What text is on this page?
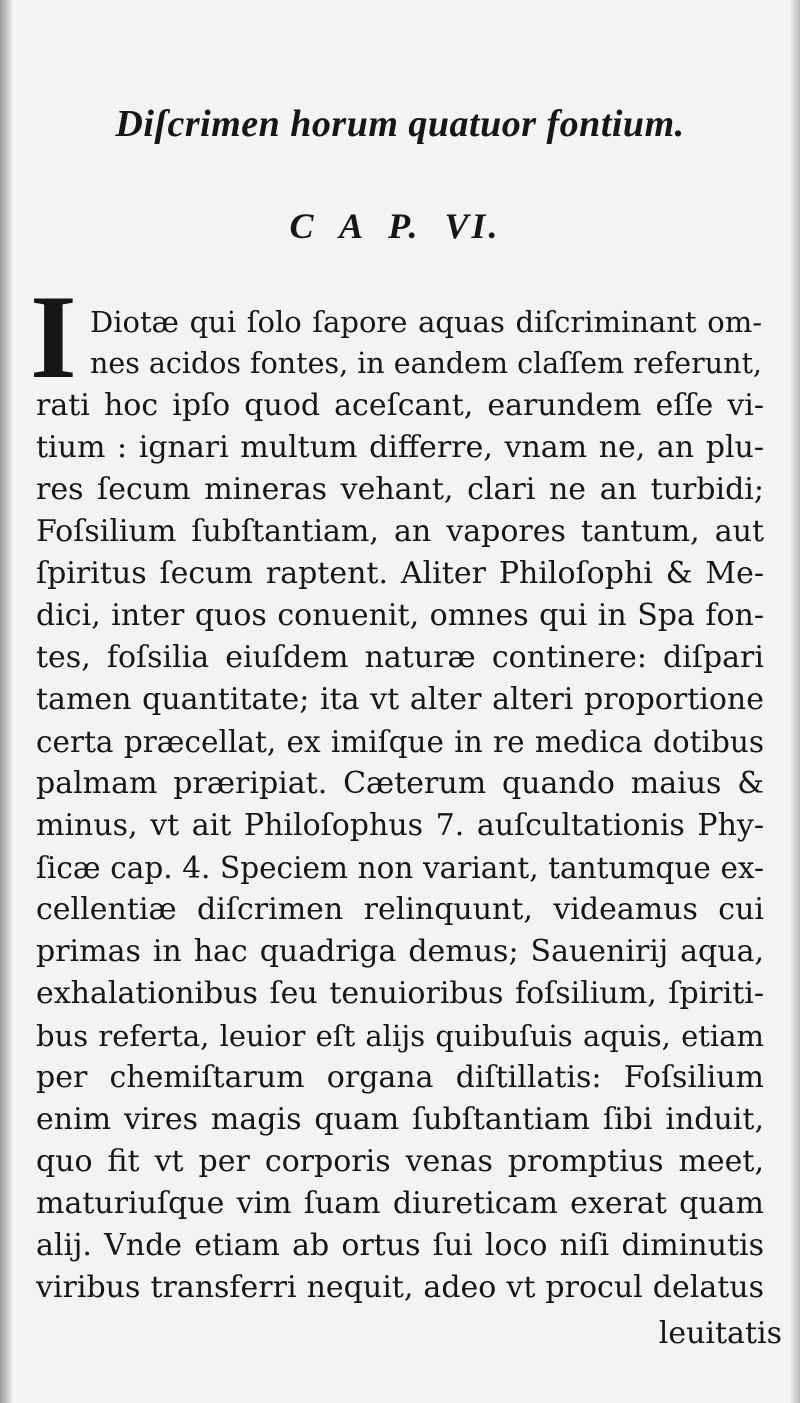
Diſcrimen horum quatuor fontium.
C A P. VI.
I Diotæ qui ſolo ſapore aquas diſcriminant om-
nes acidos fontes, in eandem claſſem referunt,
rati hoc ipſo quod aceſcant, earundem eſſe vi-
tium : ignari multum differre, vnam ne, an plu-
res ſecum mineras vehant, clari ne an turbidi;
Foſsilium ſubſtantiam, an vapores tantum, aut
ſpiritus ſecum raptent. Aliter Philoſophi & Me-
dici, inter quos conuenit, omnes qui in Spa fon-
tes, foſsilia eiuſdem naturæ continere: diſpari
tamen quantitate; ita vt alter alteri proportione
certa præcellat, ex imiſque in re medica dotibus
palmam præripiat. Cæterum quando maius &
minus, vt ait Philoſophus 7. auſcultationis Phy-
ſicæ cap. 4. Speciem non variant, tantumque ex-
cellentiæ diſcrimen relinquunt, videamus cui
primas in hac quadriga demus; Sauenirij aqua,
exhalationibus ſeu tenuioribus foſsilium, ſpiriti-
bus referta, leuior eſt alijs quibuſuis aquis, etiam
per chemiſtarum organa diſtillatis: Foſsilium
enim vires magis quam ſubſtantiam ſibi induit,
quo fit vt per corporis venas promptius meet,
maturiuſque vim ſuam diureticam exerat quam
alij. Vnde etiam ab ortus ſui loco niſi diminutis
viribus transferri nequit, adeo vt procul delatus
leuitatis
